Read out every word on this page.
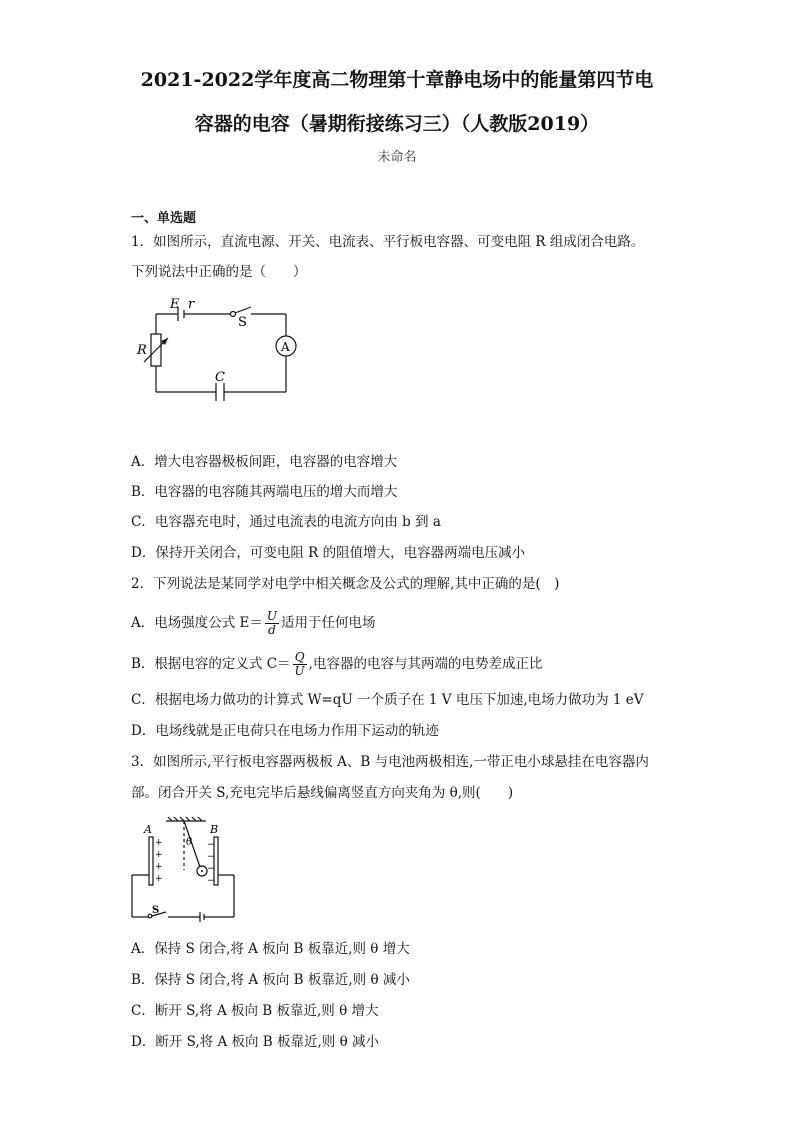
2021-2022学年度高二物理第十章静电场中的能量第四节电
容器的电容（暑期衔接练习三）（人教版2019）
未命名
一、单选题
1．如图所示，直流电源、开关、电流表、平行板电容器、可变电阻 R 组成闭合电路。
下列说法中正确的是（　　）
E r
S
A
R
C
A．增大电容器极板间距，电容器的电容增大
B．电容器的电容随其两端电压的增大而增大
C．电容器充电时，通过电流表的电流方向由 b 到 a
D．保持开关闭合，可变电阻 R 的阻值增大，电容器两端电压减小
2．下列说法是某同学对电学中相关概念及公式的理解,其中正确的是(　)
A．电场强度公式 $E= \frac{U}{d}$ 适用于任何电场
B．根据电容的定义式 $C= \frac{Q}{U}$ ,电容器的电容与其两端的电势差成正比
C．根据电场力做功的计算式 W=qU 一个质子在 1 V 电压下加速,电场力做功为 1 eV
D．电场线就是正电荷只在电场力作用下运动的轨迹
3．如图所示,平行板电容器两极板 A、B 与电池两极相连,一带正电小球悬挂在电容器内
部。闭合开关 S,充电完毕后悬线偏离竖直方向夹角为 θ,则(　　)
A	B
θ
+
+
+
+
−
−
−
−
S
A．保持 S 闭合,将 A 板向 B 板靠近,则 θ 增大
B．保持 S 闭合,将 A 板向 B 板靠近,则 θ 减小
C．断开 S,将 A 板向 B 板靠近,则 θ 增大
D．断开 S,将 A 板向 B 板靠近,则 θ 减小
